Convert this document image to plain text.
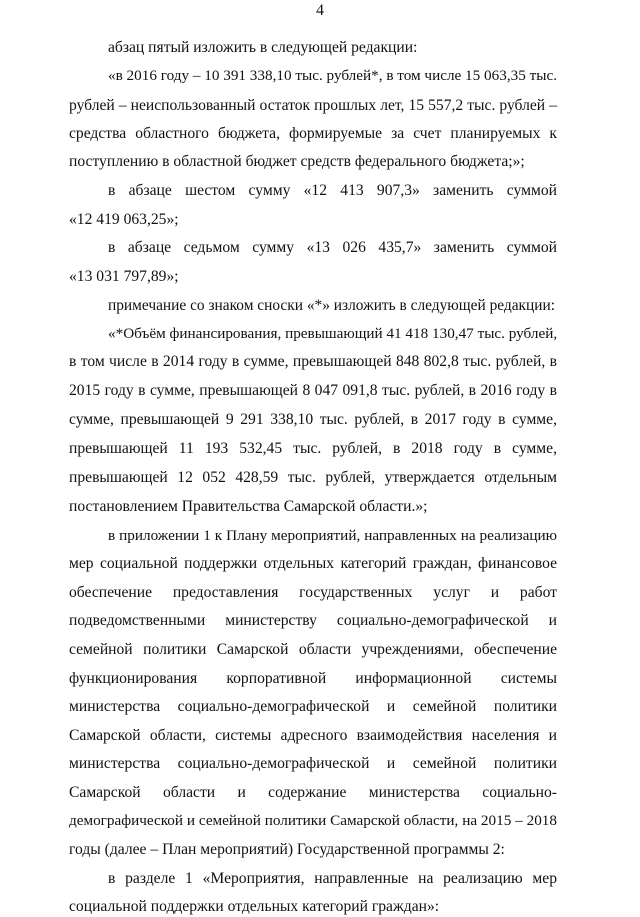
4
абзац пятый изложить в следующей редакции:
«в 2016 году – 10 391 338,10 тыс. рублей*, в том числе 15 063,35 тыс.
рублей – неиспользованный остаток прошлых лет, 15 557,2 тыс. рублей –
средства областного бюджета, формируемые за счет планируемых к
поступлению в областной бюджет средств федерального бюджета;»;
в абзаце шестом сумму «12 413 907,3» заменить суммой
«12 419 063,25»;
в абзаце седьмом сумму «13 026 435,7» заменить суммой
«13 031 797,89»;
примечание со знаком сноски «*» изложить в следующей редакции:
«*Объём финансирования, превышающий 41 418 130,47 тыс. рублей,
в том числе в 2014 году в сумме, превышающей 848 802,8 тыс. рублей, в
2015 году в сумме, превышающей 8 047 091,8 тыс. рублей, в 2016 году в
сумме, превышающей 9 291 338,10 тыс. рублей, в 2017 году в сумме,
превышающей 11 193 532,45 тыс. рублей, в 2018 году в сумме,
превышающей 12 052 428,59 тыс. рублей, утверждается отдельным
постановлением Правительства Самарской области.»;
в приложении 1 к Плану мероприятий, направленных на реализацию
мер социальной поддержки отдельных категорий граждан, финансовое
обеспечение предоставления государственных услуг и работ
подведомственными министерству социально-демографической и
семейной политики Самарской области учреждениями, обеспечение
функционирования корпоративной информационной системы
министерства социально-демографической и семейной политики
Самарской области, системы адресного взаимодействия населения и
министерства социально-демографической и семейной политики
Самарской области и содержание министерства социально-
демографической и семейной политики Самарской области, на 2015 – 2018
годы (далее – План мероприятий) Государственной программы 2:
в разделе 1 «Мероприятия, направленные на реализацию мер
социальной поддержки отдельных категорий граждан»:
